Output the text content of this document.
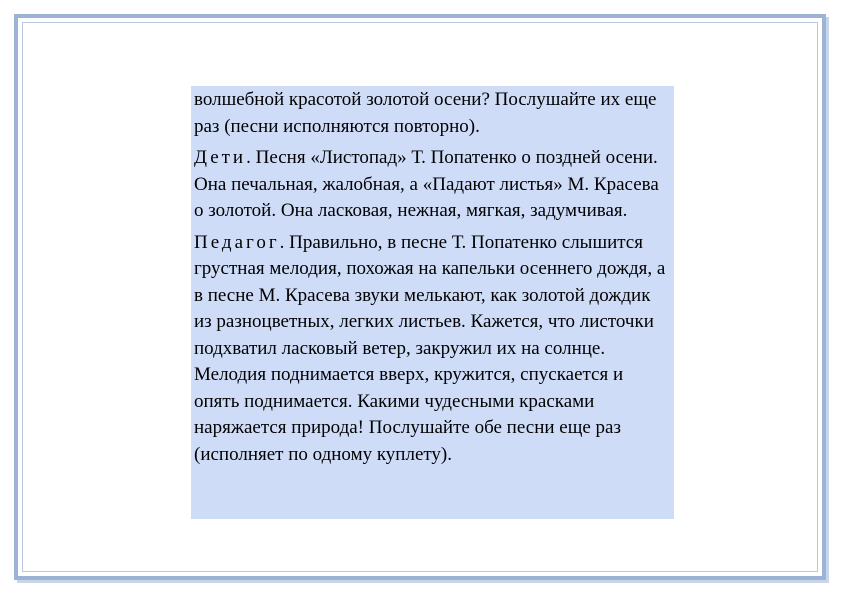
волшебной красотой золотой осени? Послушайте их еще раз (песни исполняются повторно).

Дети. Песня «Листопад» Т. Попатенко о поздней осени. Она печальная, жалобная, а «Падают листья» М. Красева о золотой. Она ласковая, нежная, мягкая, задумчивая.

Педагог. Правильно, в песне Т. Попатенко слышится грустная мелодия, похожая на капельки осеннего дождя, а в песне М. Красева звуки мелькают, как золотой дождик из разноцветных, легких листьев. Кажется, что листочки подхватил ласковый ветер, закружил их на солнце. Мелодия поднимается вверх, кружится, спускается и опять поднимается. Какими чудесными красками наряжается природа! Послушайте обе песни еще раз (исполняет по одному куплету).
